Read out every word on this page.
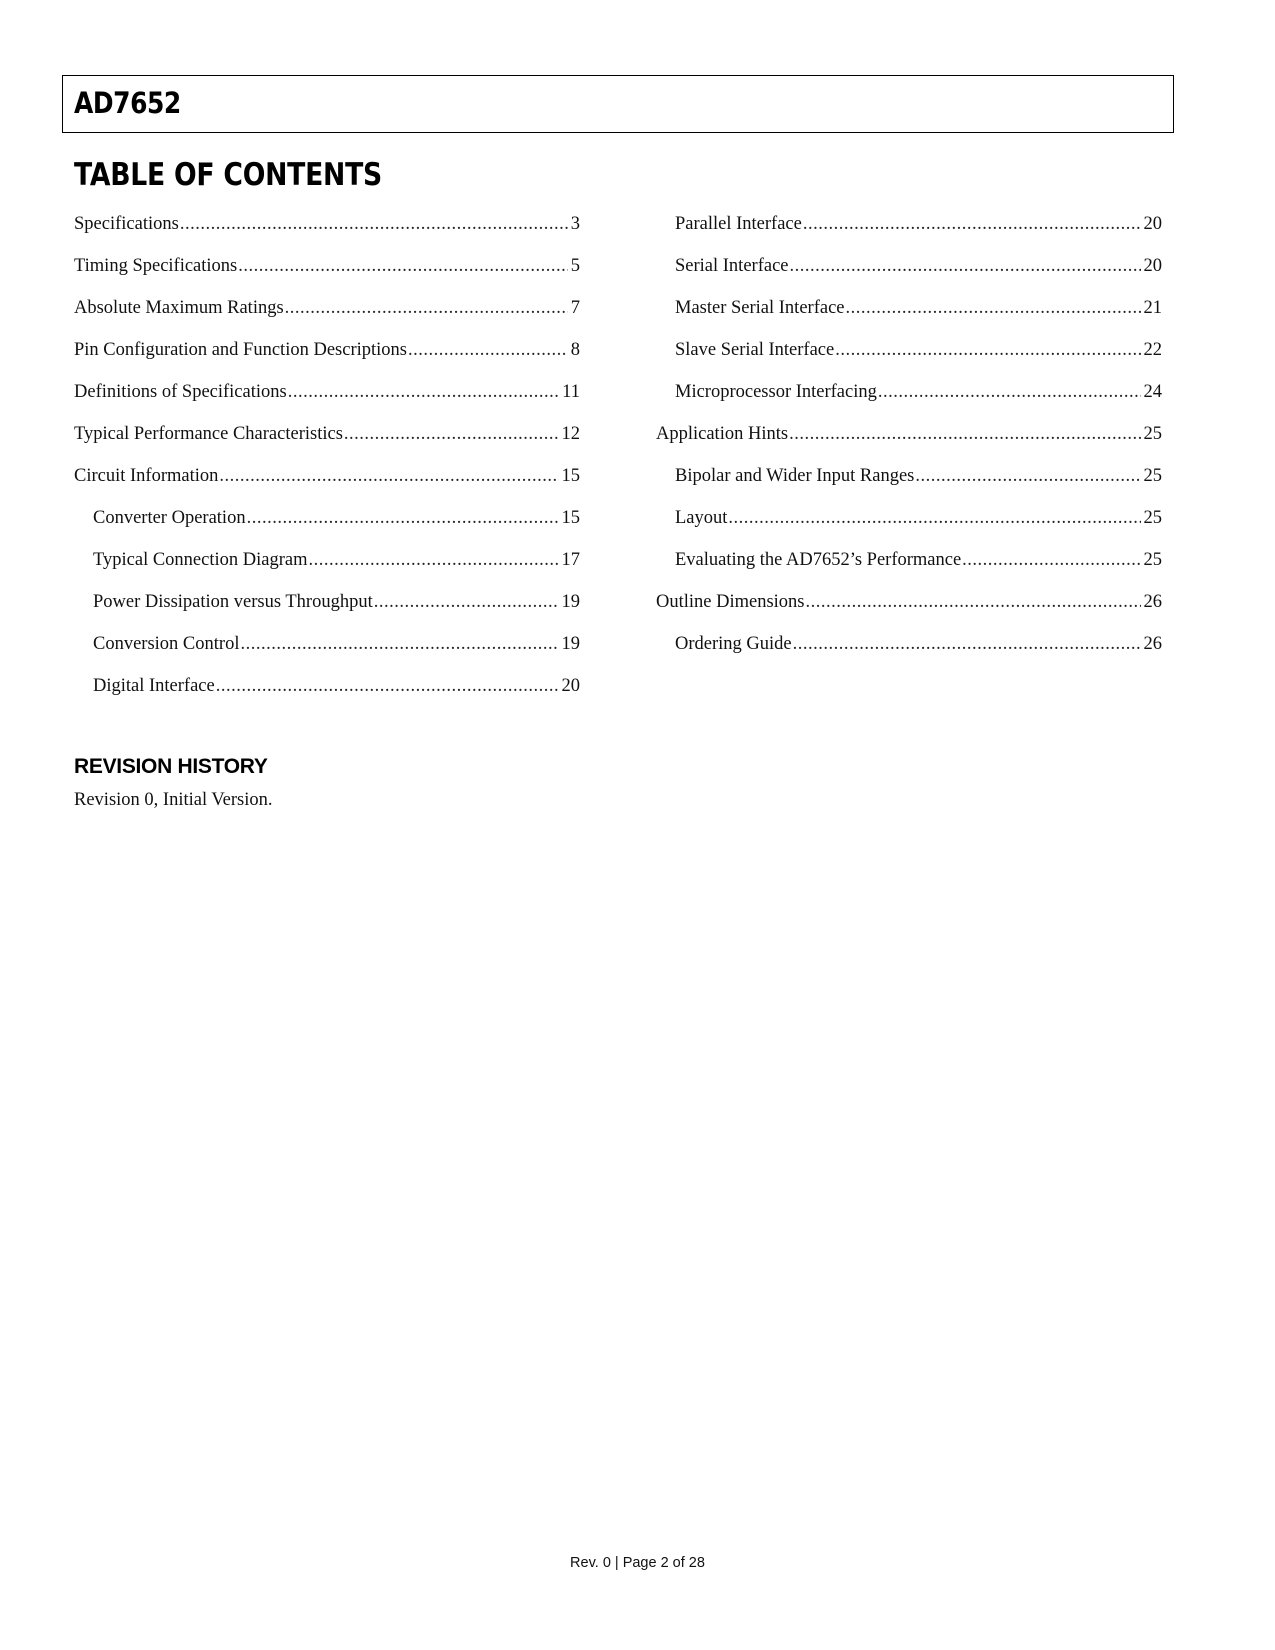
AD7652
TABLE OF CONTENTS
Specifications .....	3
Timing Specifications .....	5
Absolute Maximum Ratings .....	7
Pin Configuration and Function Descriptions .....	8
Definitions of Specifications .....	11
Typical Performance Characteristics .....	12
Circuit Information .....	15
Converter Operation .....	15
Typical Connection Diagram .....	17
Power Dissipation versus Throughput .....	19
Conversion Control .....	19
Digital Interface .....	20
Parallel Interface .....	20
Serial Interface .....	20
Master Serial Interface .....	21
Slave Serial Interface .....	22
Microprocessor Interfacing .....	24
Application Hints .....	25
Bipolar and Wider Input Ranges .....	25
Layout .....	25
Evaluating the AD7652’s Performance .....	25
Outline Dimensions .....	26
Ordering Guide .....	26
REVISION HISTORY
Revision 0, Initial Version.
Rev. 0 | Page 2 of 28
